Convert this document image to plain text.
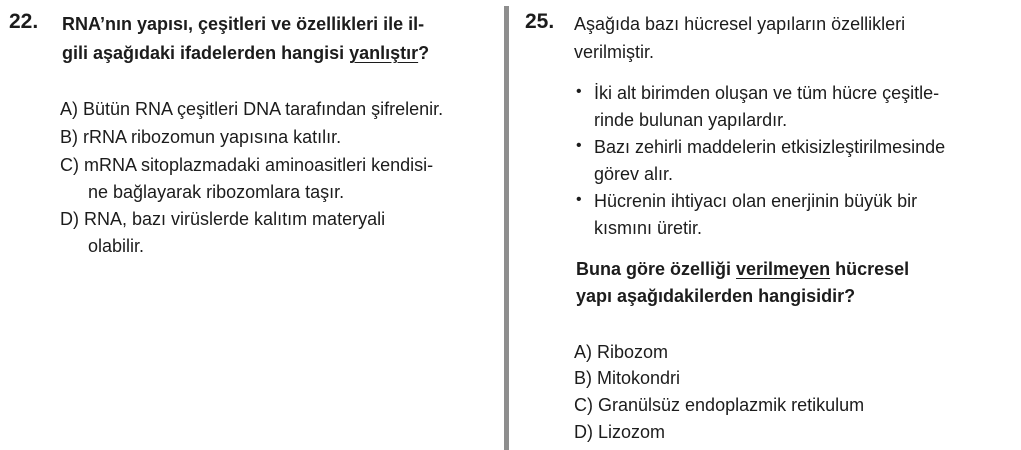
22. RNA’nın yapısı, çeşitleri ve özellikleri ile il-
gili aşağıdaki ifadelerden hangisi yanlıştır?
A) Bütün RNA çeşitleri DNA tarafından şifrelenir.
B) rRNA ribozomun yapısına katılır.
C) mRNA sitoplazmadaki aminoasitleri kendisi-
ne bağlayarak ribozomlara taşır.
D) RNA, bazı virüslerde kalıtım materyali
olabilir.
25. Aşağıda bazı hücresel yapıların özellikleri
verilmiştir.
• İki alt birimden oluşan ve tüm hücre çeşitle-
rinde bulunan yapılardır.
• Bazı zehirli maddelerin etkisizleştirilmesinde
görev alır.
• Hücrenin ihtiyacı olan enerjinin büyük bir
kısmını üretir.
Buna göre özelliği verilmeyen hücresel
yapı aşağıdakilerden hangisidir?
A) Ribozom
B) Mitokondri
C) Granülsüz endoplazmik retikulum
D) Lizozom
